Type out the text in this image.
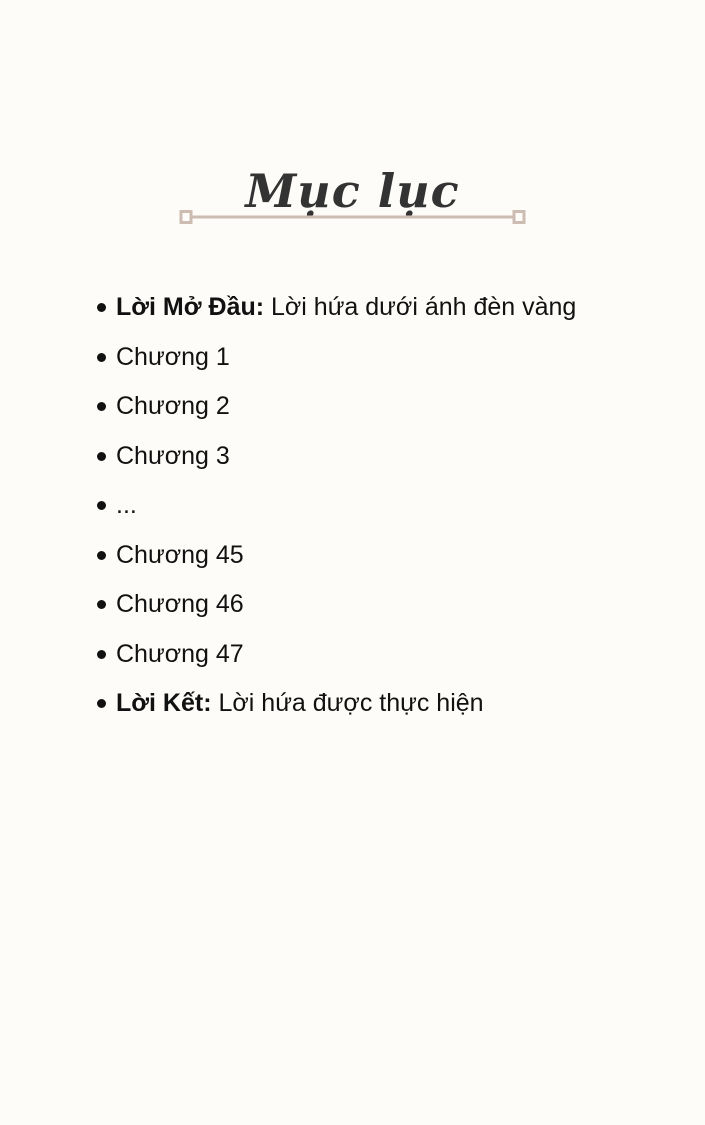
Mục lục
Lời Mở Đầu: Lời hứa dưới ánh đèn vàng
Chương 1
Chương 2
Chương 3
...
Chương 45
Chương 46
Chương 47
Lời Kết: Lời hứa được thực hiện
